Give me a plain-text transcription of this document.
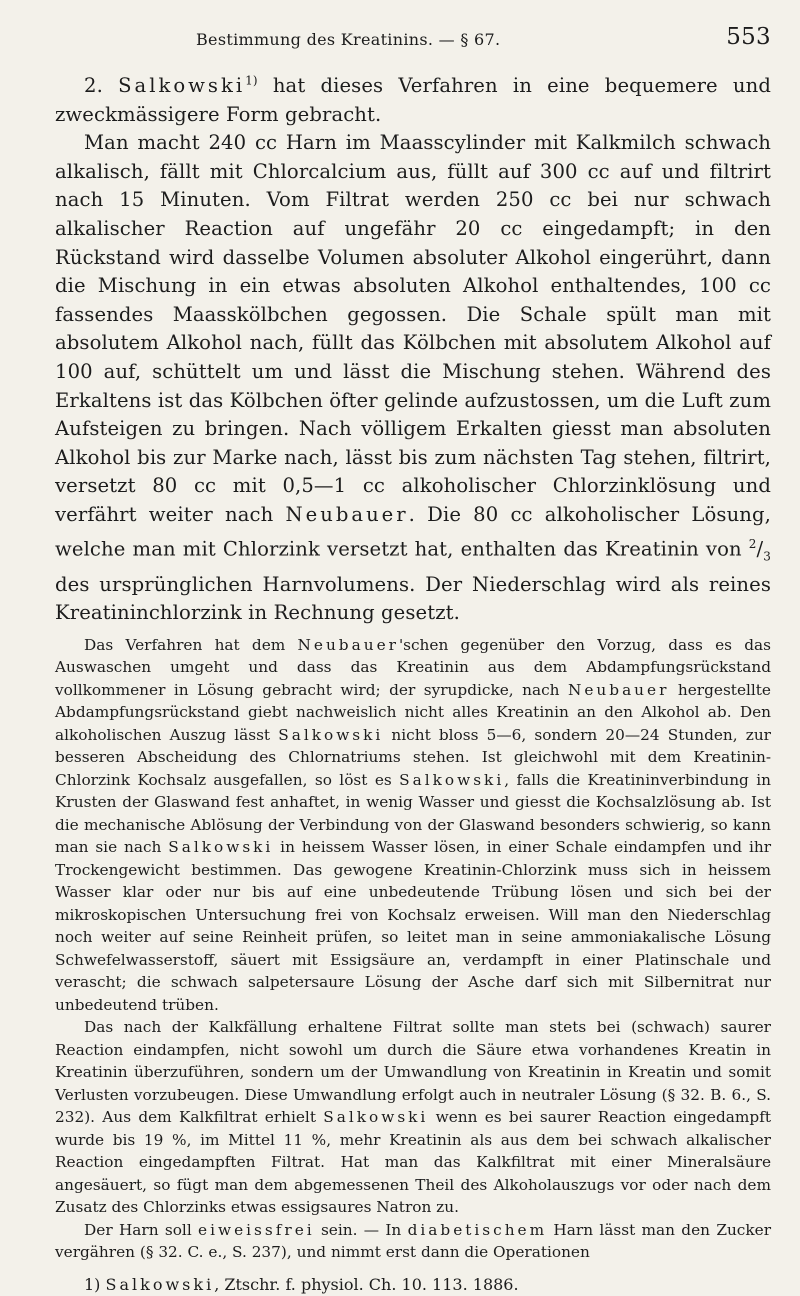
Bestimmung des Kreatinins. — § 67.	553

2. Salkowski$^{1)}$ hat dieses Verfahren in eine bequemere und zweckmässigere Form gebracht.

Man macht 240 cc Harn im Maasscylinder mit Kalkmilch schwach alkalisch, fällt mit Chlorcalcium aus, füllt auf 300 cc auf und filtrirt nach 15 Minuten. Vom Filtrat werden 250 cc bei nur schwach alkalischer Reaction auf ungefähr 20 cc eingedampft; in den Rückstand wird dasselbe Volumen absoluter Alkohol eingerührt, dann die Mischung in ein etwas absoluten Alkohol enthaltendes, 100 cc fassendes Maasskölbchen gegossen. Die Schale spült man mit absolutem Alkohol nach, füllt das Kölbchen mit absolutem Alkohol auf 100 auf, schüttelt um und lässt die Mischung stehen. Während des Erkaltens ist das Kölbchen öfter gelinde aufzustossen, um die Luft zum Aufsteigen zu bringen. Nach völligem Erkalten giesst man absoluten Alkohol bis zur Marke nach, lässt bis zum nächsten Tag stehen, filtrirt, versetzt 80 cc mit 0,5—1 cc alkoholischer Chlorzinklösung und verfährt weiter nach Neubauer. Die 80 cc alkoholischer Lösung, welche man mit Chlorzink versetzt hat, enthalten das Kreatinin von $^2/_3$ des ursprünglichen Harnvolumens. Der Niederschlag wird als reines Kreatininchlorzink in Rechnung gesetzt.

Das Verfahren hat dem Neubauer'schen gegenüber den Vorzug, dass es das Auswaschen umgeht und dass das Kreatinin aus dem Abdampfungsrückstand vollkommener in Lösung gebracht wird; der syrupdicke, nach Neubauer hergestellte Abdampfungsrückstand giebt nachweislich nicht alles Kreatinin an den Alkohol ab. Den alkoholischen Auszug lässt Salkowski nicht bloss 5—6, sondern 20—24 Stunden, zur besseren Abscheidung des Chlornatriums stehen. Ist gleichwohl mit dem Kreatinin-Chlorzink Kochsalz ausgefallen, so löst es Salkowski, falls die Kreatininverbindung in Krusten der Glaswand fest anhaftet, in wenig Wasser und giesst die Kochsalzlösung ab. Ist die mechanische Ablösung der Verbindung von der Glaswand besonders schwierig, so kann man sie nach Salkowski in heissem Wasser lösen, in einer Schale eindampfen und ihr Trockengewicht bestimmen. Das gewogene Kreatinin-Chlorzink muss sich in heissem Wasser klar oder nur bis auf eine unbedeutende Trübung lösen und sich bei der mikroskopischen Untersuchung frei von Kochsalz erweisen. Will man den Niederschlag noch weiter auf seine Reinheit prüfen, so leitet man in seine ammoniakalische Lösung Schwefelwasserstoff, säuert mit Essigsäure an, verdampft in einer Platinschale und verascht; die schwach salpetersaure Lösung der Asche darf sich mit Silbernitrat nur unbedeutend trüben.

Das nach der Kalkfällung erhaltene Filtrat sollte man stets bei (schwach) saurer Reaction eindampfen, nicht sowohl um durch die Säure etwa vorhandenes Kreatin in Kreatinin überzuführen, sondern um der Umwandlung von Kreatinin in Kreatin und somit Verlusten vorzubeugen. Diese Umwandlung erfolgt auch in neutraler Lösung (§ 32. B. 6., S. 232). Aus dem Kalkfiltrat erhielt Salkowski wenn es bei saurer Reaction eingedampft wurde bis 19 %, im Mittel 11 %, mehr Kreatinin als aus dem bei schwach alkalischer Reaction eingedampften Filtrat. Hat man das Kalkfiltrat mit einer Mineralsäure angesäuert, so fügt man dem abgemessenen Theil des Alkoholauszugs vor oder nach dem Zusatz des Chlorzinks etwas essigsaures Natron zu.

Der Harn soll eiweissfrei sein. — In diabetischem Harn lässt man den Zucker vergähren (§ 32. C. e., S. 237), und nimmt erst dann die Operationen

1) Salkowski, Ztschr. f. physiol. Ch. 10. 113. 1886.
